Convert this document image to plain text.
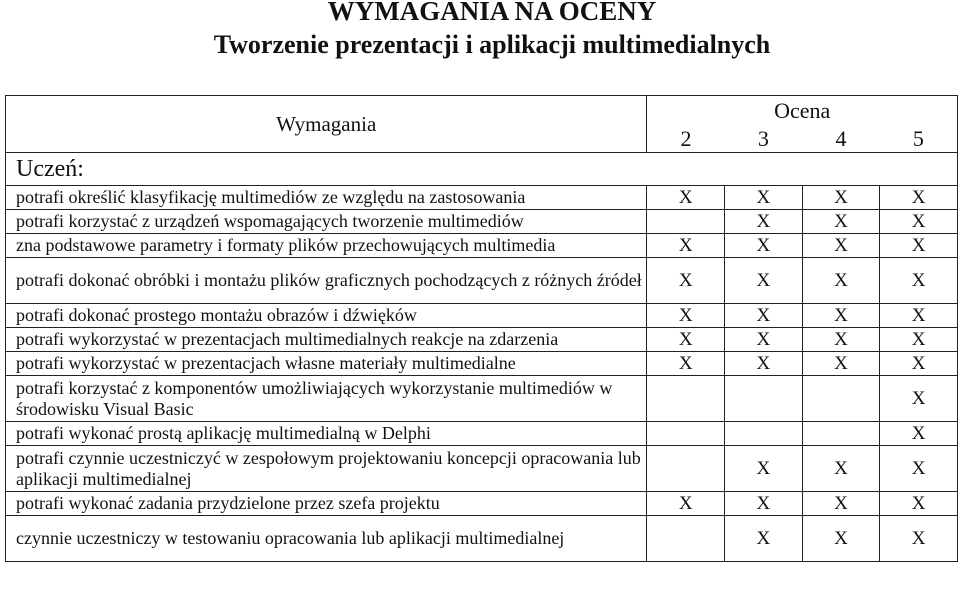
WYMAGANIA NA OCENY
Tworzenie prezentacji i aplikacji multimedialnych
Wymagania	Ocena			
	2	3	4	5
Uczeń:				
potrafi określić klasyfikację multimediów ze względu na zastosowania	X	X	X	X
potrafi korzystać z urządzeń wspomagających tworzenie multimediów		X	X	X
zna podstawowe parametry i formaty plików przechowujących multimedia	X	X	X	X
potrafi dokonać obróbki i montażu plików graficznych pochodzących z różnych źródeł	X	X	X	X
potrafi dokonać prostego montażu obrazów i dźwięków	X	X	X	X
potrafi wykorzystać w prezentacjach multimedialnych reakcje na zdarzenia	X	X	X	X
potrafi wykorzystać w prezentacjach własne materiały multimedialne	X	X	X	X
potrafi korzystać z komponentów umożliwiających wykorzystanie multimediów w środowisku Visual Basic				X
potrafi wykonać prostą aplikację multimedialną w Delphi				X
potrafi czynnie uczestniczyć w zespołowym projektowaniu koncepcji opracowania lub aplikacji multimedialnej		X	X	X
potrafi wykonać zadania przydzielone przez szefa projektu	X	X	X	X
czynnie uczestniczy w testowaniu opracowania lub aplikacji multimedialnej		X	X	X
